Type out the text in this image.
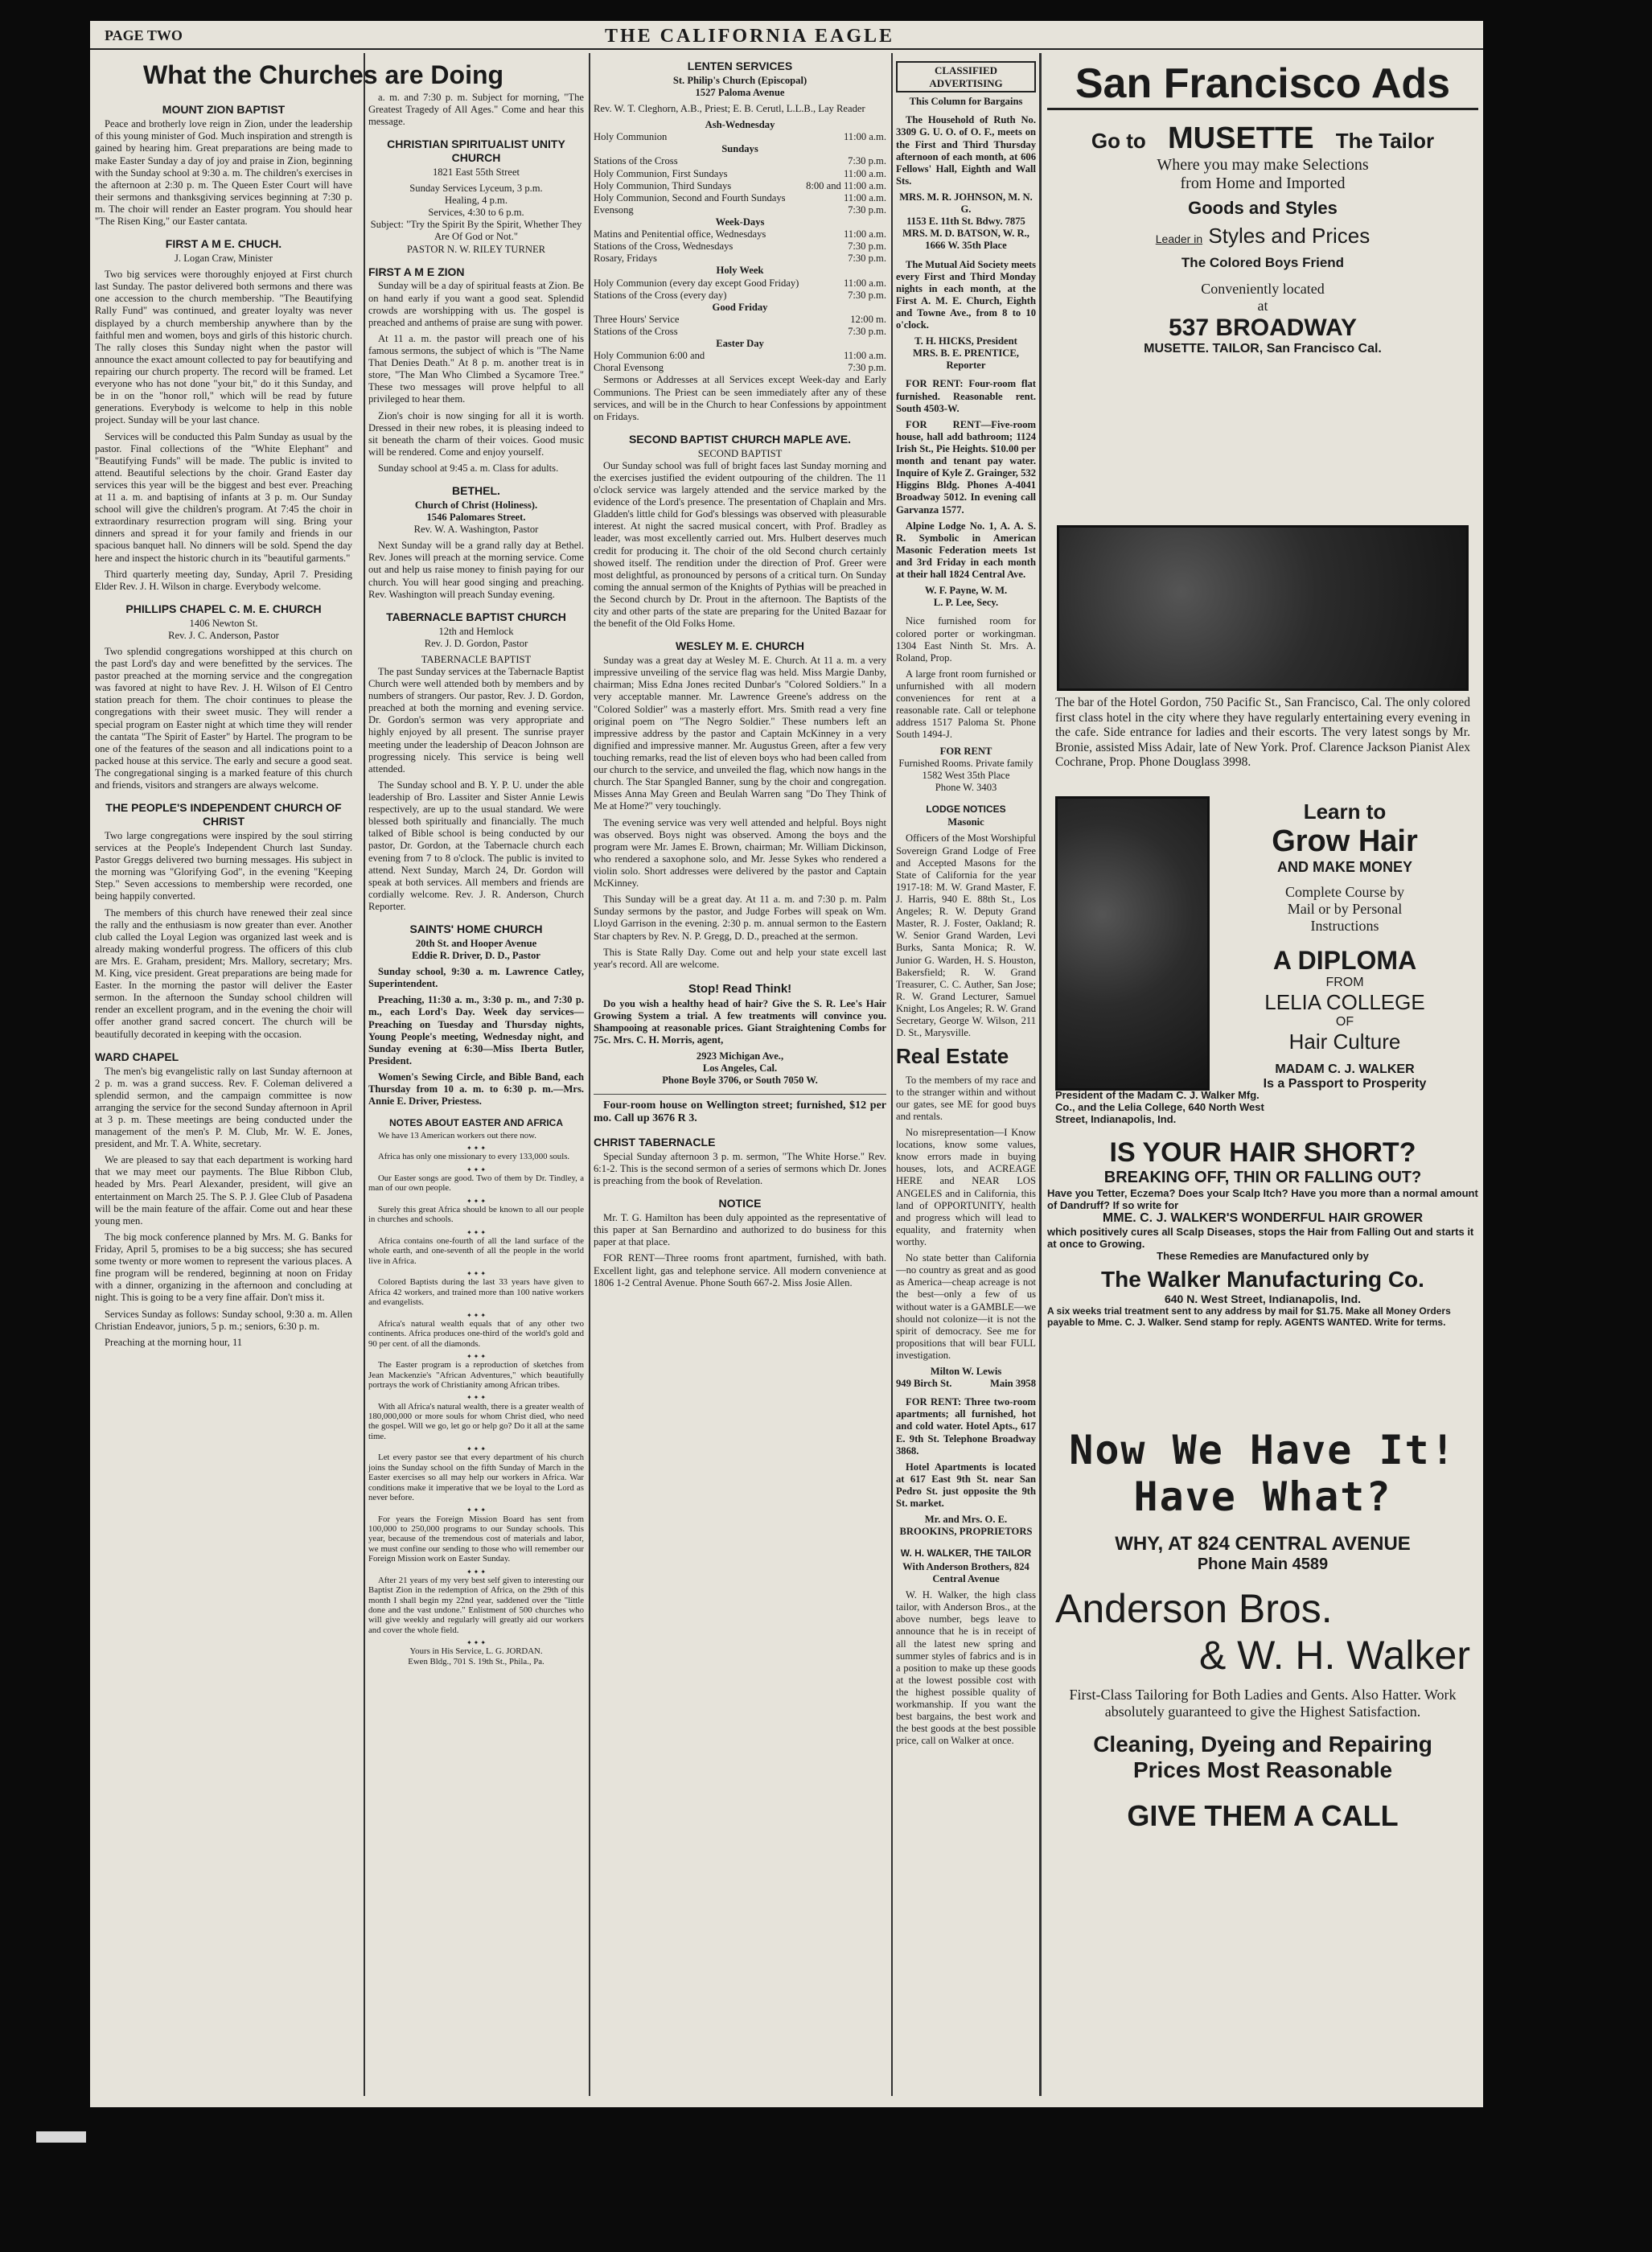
PAGE TWO	THE CALIFORNIA EAGLE
What the Churches are Doing
MOUNT ZION BAPTIST

Peace and brotherly love reign in Zion, under the leadership of this young minister of God. Much inspiration and strength is gained by hearing him. Great preparations are being made to make Easter Sunday a day of joy and praise in Zion, beginning with the Sunday school at 9:30 a. m. The children's exercises in the afternoon at 2:30 p. m. The Queen Ester Court will have their sermons and thanksgiving services beginning at 7:30 p. m. The choir will render an Easter program. You should hear "The Risen King," our Easter cantata.

FIRST A M E. CHUCH.
J. Logan Craw, Minister

Two big services were thoroughly enjoyed at First church last Sunday. The pastor delivered both sermons and there was one accession to the church membership. "The Beautifying Rally Fund" was continued, and greater loyalty was never displayed by a church membership anywhere than by the faithful men and women, boys and girls of this historic church. The rally closes this Sunday night when the pastor will announce the exact amount collected to pay for beautifying and repairing our church property. The record will be framed. Let everyone who has not done "your bit," do it this Sunday, and be in on the "honor roll," which will be read by future generations. Everybody is welcome to help in this noble project. Sunday will be your last chance.

Services will be conducted this Palm Sunday as usual by the pastor. Final collections of the "White Elephant" and "Beautifying Funds" will be made. The public is invited to attend. Beautiful selections by the choir. Grand Easter day services this year will be the biggest and best ever. Preaching at 11 a. m. and baptising of infants at 3 p. m. Our Sunday school will give the children's program. At 7:45 the choir in extraordinary resurrection program will sing. Bring your dinners and spread it for your family and friends in our spacious banquet hall. No dinners will be sold. Spend the day here and inspect the historic church in its "beautiful garments."

Third quarterly meeting day, Sunday, April 7. Presiding Elder Rev. J. H. Wilson in charge. Everybody welcome.

PHILLIPS CHAPEL C. M. E. CHURCH
1406 Newton St.
Rev. J. C. Anderson, Pastor

Two splendid congregations worshipped at this church on the past Lord's day and were benefitted by the services. The pastor preached at the morning service and the congregation was favored at night to have Rev. J. H. Wilson of El Centro station preach for them. The choir continues to please the congregations with their sweet music. They will render a special program on Easter night at which time they will render the cantata "The Spirit of Easter" by Hartel. The program to be one of the features of the season and all indications point to a packed house at this service. The early and secure a good seat. The congregational singing is a marked feature of this church and friends, visitors and strangers are always welcome.

THE PEOPLE'S INDEPENDENT CHURCH OF CHRIST

Two large congregations were inspired by the soul stirring services at the People's Independent Church last Sunday. Pastor Greggs delivered two burning messages. His subject in the morning was "Glorifying God", in the evening "Keeping Step." Seven accessions to membership were recorded, one being happily converted.

The members of this church have renewed their zeal since the rally and the enthusiasm is now greater than ever. Another club called the Loyal Legion was organized last week and is already making wonderful progress. The officers of this club are Mrs. E. Graham, president; Mrs. Mallory, secretary; Mrs. M. King, vice president. Great preparations are being made for Easter. In the morning the pastor will deliver the Easter sermon. In the afternoon the Sunday school children will render an excellent program, and in the evening the choir will offer another grand sacred concert. The church will be beautifully decorated in keeping with the occasion.

WARD CHAPEL

The men's big evangelistic rally on last Sunday afternoon at 2 p. m. was a grand success. Rev. F. Coleman delivered a splendid sermon, and the campaign committee is now arranging the service for the second Sunday afternoon in April at 3 p. m. These meetings are being conducted under the management of the men's P. M. Club, Mr. W. E. Jones, president, and Mr. T. A. White, secretary.

We are pleased to say that each department is working hard that we may meet our payments. The Blue Ribbon Club, headed by Mrs. Pearl Alexander, president, will give an entertainment on March 25. The S. P. J. Glee Club of Pasadena will be the main feature of the affair. Come out and hear these young men.

The big mock conference planned by Mrs. M. G. Banks for Friday, April 5, promises to be a big success; she has secured some twenty or more women to represent the various places. A fine program will be rendered, beginning at noon on Friday with a dinner, organizing in the afternoon and concluding at night. This is going to be a very fine affair. Don't miss it.

Services Sunday as follows: Sunday school, 9:30 a. m. Allen Christian Endeavor, juniors, 5 p. m.; seniors, 6:30 p. m.

Preaching at the morning hour, 11

a. m. and 7:30 p. m. Subject for morning, "The Greatest Tragedy of All Ages." Come and hear this message.

CHRISTIAN SPIRITUALIST UNITY CHURCH
1821 East 55th Street
Sunday Services Lyceum, 3 p.m.
Healing, 4 p.m.
Services, 4:30 to 6 p.m.
Subject: "Try the Spirit By the Spirit, Whether They Are Of God or Not."
PASTOR N. W. RILEY TURNER
FIRST A M E ZION

Sunday will be a day of spiritual feasts at Zion. Be on hand early if you want a good seat. Splendid crowds are worshipping with us. The gospel is preached and anthems of praise are sung with power.

At 11 a. m. the pastor will preach one of his famous sermons, the subject of which is "The Name That Denies Death." At 8 p. m. another treat is in store, "The Man Who Climbed a Sycamore Tree." These two messages will prove helpful to all privileged to hear them.

Zion's choir is now singing for all it is worth. Dressed in their new robes, it is pleasing indeed to sit beneath the charm of their voices. Good music will be rendered. Come and enjoy yourself.

Sunday school at 9:45 a. m. Class for adults.

BETHEL.
Church of Christ (Holiness).
1546 Palomares Street.
Rev. W. A. Washington, Pastor

Next Sunday will be a grand rally day at Bethel. Rev. Jones will preach at the morning service. Come out and help us raise money to finish paying for our church. You will hear good singing and preaching. Rev. Washington will preach Sunday evening.

TABERNACLE BAPTIST CHURCH
12th and Hemlock
Rev. J. D. Gordon, Pastor
TABERNACLE BAPTIST

The past Sunday services at the Tabernacle Baptist Church were well attended both by members and by numbers of strangers. Our pastor, Rev. J. D. Gordon, preached at both the morning and evening service. Dr. Gordon's sermon was very appropriate and highly enjoyed by all present. The sunrise prayer meeting under the leadership of Deacon Johnson are progressing nicely. This service is being well attended.

The Sunday school and B. Y. P. U. under the able leadership of Bro. Lassiter and Sister Annie Lewis respectively, are up to the usual standard. We were blessed both spiritually and financially. The much talked of Bible school is being conducted by our pastor, Dr. Gordon, at the Tabernacle church each evening from 7 to 8 o'clock. The public is invited to attend. Next Sunday, March 24, Dr. Gordon will speak at both services. All members and friends are cordially welcome. Rev. J. R. Anderson, Church Reporter.

SAINTS' HOME CHURCH
20th St. and Hooper Avenue
Eddie R. Driver, D. D., Pastor

Sunday school, 9:30 a. m. Lawrence Catley, Superintendent.

Preaching, 11:30 a. m., 3:30 p. m., and 7:30 p. m., each Lord's Day. Week day services—Preaching on Tuesday and Thursday nights, Young People's meeting, Wednesday night, and Sunday evening at 6:30—Miss Iberta Butler, President.

Women's Sewing Circle, and Bible Band, each Thursday from 10 a. m. to 6:30 p. m.—Mrs. Annie E. Driver, Priestess.

NOTES ABOUT EASTER AND AFRICA

We have 13 American workers out there now.

✦ ✦ ✦

Africa has only one missionary to every 133,000 souls.

✦ ✦ ✦

Our Easter songs are good. Two of them by Dr. Tindley, a man of our own people.

✦ ✦ ✦

Surely this great Africa should be known to all our people in churches and schools.

✦ ✦ ✦

Africa contains one-fourth of all the land surface of the whole earth, and one-seventh of all the people in the world live in Africa.

✦ ✦ ✦

Colored Baptists during the last 33 years have given to Africa 42 workers, and trained more than 100 native workers and evangelists.

✦ ✦ ✦

Africa's natural wealth equals that of any other two continents. Africa produces one-third of the world's gold and 90 per cent. of all the diamonds.

✦ ✦ ✦

The Easter program is a reproduction of sketches from Jean Mackenzie's "African Adventures," which beautifully portrays the work of Christianity among African tribes.

✦ ✦ ✦

With all Africa's natural wealth, there is a greater wealth of 180,000,000 or more souls for whom Christ died, who need the gospel. Will we go, let go or help go? Do it all at the same time.

✦ ✦ ✦

Let every pastor see that every department of his church joins the Sunday school on the fifth Sunday of March in the Easter exercises so all may help our workers in Africa. War conditions make it imperative that we be loyal to the Lord as never before.

✦ ✦ ✦

For years the Foreign Mission Board has sent from 100,000 to 250,000 programs to our Sunday schools. This year, because of the tremendous cost of materials and labor, we must confine our sending to those who will remember our Foreign Mission work on Easter Sunday.

✦ ✦ ✦

After 21 years of my very best self given to interesting our Baptist Zion in the redemption of Africa, on the 29th of this month I shall begin my 22nd year, saddened over the "little done and the vast undone." Enlistment of 500 churches who will give weekly and regularly will greatly aid our workers and cover the whole field.

✦ ✦ ✦
Yours in His Service, L. G. JORDAN.
Ewen Bldg., 701 S. 19th St., Phila., Pa.
LENTEN SERVICES
St. Philip's Church (Episcopal)
1527 Paloma Avenue

Rev. W. T. Cleghorn, A.B., Priest; E. B. Cerutl, L.L.B., Lay Reader

Ash-Wednesday
Holy Communion	11:00 a.m.
Sundays
Stations of the Cross	7:30 p.m.
Holy Communion, First Sundays	11:00 a.m.
Holy Communion, Third Sundays	8:00 and 11:00 a.m.
Holy Communion, Second and Fourth Sundays	11:00 a.m.
Evensong	7:30 p.m.
Week-Days
Matins and Penitential office, Wednesdays	11:00 a.m.
Stations of the Cross, Wednesdays	7:30 p.m.
Rosary, Fridays	7:30 p.m.
Holy Week
Holy Communion (every day except Good Friday)	11:00 a.m.
Stations of the Cross (every day)	7:30 p.m.
Good Friday
Three Hours' Service	12:00 m.
Stations of the Cross	7:30 p.m.
Easter Day
Holy Communion 6:00 and	11:00 a.m.
Choral Evensong	7:30 p.m.

Sermons or Addresses at all Services except Week-day and Early Communions. The Priest can be seen immediately after any of these services, and will be in the Church to hear Confessions by appointment on Fridays.

SECOND BAPTIST CHURCH MAPLE AVE.
SECOND BAPTIST

Our Sunday school was full of bright faces last Sunday morning and the exercises justified the evident outpouring of the children. The 11 o'clock service was largely attended and the service marked by the evidence of the Lord's presence. The presentation of Chaplain and Mrs. Gladden's little child for God's blessings was observed with pleasurable interest. At night the sacred musical concert, with Prof. Bradley as leader, was most excellently carried out. Mrs. Hulbert deserves much credit for producing it. The choir of the old Second church certainly showed itself. The rendition under the direction of Prof. Greer were most delightful, as pronounced by persons of a critical turn. On Sunday coming the annual sermon of the Knights of Pythias will be preached in the Second church by Dr. Prout in the afternoon. The Baptists of the city and other parts of the state are preparing for the United Bazaar for the benefit of the Old Folks Home.

WESLEY M. E. CHURCH

Sunday was a great day at Wesley M. E. Church. At 11 a. m. a very impressive unveiling of the service flag was held. Miss Margie Danby, chairman; Miss Edna Jones recited Dunbar's "Colored Soldiers." In a very acceptable manner. Mr. Lawrence Greene's address on the "Colored Soldier" was a masterly effort. Mrs. Smith read a very fine original poem on "The Negro Soldier." These numbers left an impressive address by the pastor and Captain McKinney in a very dignified and impressive manner. Mr. Augustus Green, after a few very touching remarks, read the list of eleven boys who had been called from our church to the service, and unveiled the flag, which now hangs in the church. The Star Spangled Banner, sung by the choir and congregation. Misses Anna May Green and Beulah Warren sang "Do They Think of Me at Home?" very touchingly.

The evening service was very well attended and helpful. Boys night was observed. Boys night was observed. Among the boys and the program were Mr. James E. Brown, chairman; Mr. William Dickinson, who rendered a saxophone solo, and Mr. Jesse Sykes who rendered a violin solo. Short addresses were delivered by the pastor and Captain McKinney.

This Sunday will be a great day. At 11 a. m. and 7:30 p. m. Palm Sunday sermons by the pastor, and Judge Forbes will speak on Wm. Lloyd Garrison in the evening. 2:30 p. m. annual sermon to the Eastern Star chapters by Rev. N. P. Gregg, D. D., preached at the sermon.

This is State Rally Day. Come out and help your state excell last year's record. All are welcome.

Stop! Read Think!

Do you wish a healthy head of hair? Give the S. R. Lee's Hair Growing System a trial. A few treatments will convince you. Shampooing at reasonable prices. Giant Straightening Combs for 75c. Mrs. C. H. Morris, agent,

2923 Michigan Ave.,
Los Angeles, Cal.
Phone Boyle 3706, or South 7050 W.

Four-room house on Wellington street; furnished, $12 per mo. Call up 3676 R 3.

CHRIST TABERNACLE

Special Sunday afternoon 3 p. m. sermon, "The White Horse." Rev. 6:1-2. This is the second sermon of a series of sermons which Dr. Jones is preaching from the book of Revelation.

NOTICE

Mr. T. G. Hamilton has been duly appointed as the representative of this paper at San Bernardino and authorized to do business for this paper at that place.

FOR RENT—Three rooms front apartment, furnished, with bath. Excellent light, gas and telephone service. All modern convenience at 1806 1-2 Central Avenue. Phone South 667-2. Miss Josie Allen.

CLASSIFIED ADVERTISING
This Column for Bargains

The Household of Ruth No. 3309 G. U. O. of O. F., meets on the First and Third Thursday afternoon of each month, at 606 Fellows' Hall, Eighth and Wall Sts.

MRS. M. R. JOHNSON, M. N. G.
1153 E. 11th St. Bdwy. 7875
MRS. M. D. BATSON, W. R.,
1666 W. 35th Place

The Mutual Aid Society meets every First and Third Monday nights in each month, at the First A. M. E. Church, Eighth and Towne Ave., from 8 to 10 o'clock.

T. H. HICKS, President
MRS. B. E. PRENTICE, Reporter

FOR RENT: Four-room flat furnished. Reasonable rent. South 4503-W.

FOR RENT—Five-room house, hall add bathroom; 1124 Irish St., Pie Heights. $10.00 per month and tenant pay water. Inquire of Kyle Z. Grainger, 532 Higgins Bldg. Phones A-4041 Broadway 5012. In evening call Garvanza 1577.

Alpine Lodge No. 1, A. A. S. R. Symbolic in American Masonic Federation meets 1st and 3rd Friday in each month at their hall 1824 Central Ave.

W. F. Payne, W. M.
L. P. Lee, Secy.

Nice furnished room for colored porter or workingman. 1304 East Ninth St. Mrs. A. Roland, Prop.

A large front room furnished or unfurnished with all modern conveniences for rent at a reasonable rate. Call or telephone address 1517 Paloma St. Phone South 1494-J.

FOR RENT
Furnished Rooms. Private family
1582 West 35th Place
Phone W. 3403
LODGE NOTICES
Masonic

Officers of the Most Worshipful Sovereign Grand Lodge of Free and Accepted Masons for the State of California for the year 1917-18: M. W. Grand Master, F. J. Harris, 940 E. 88th St., Los Angeles; R. W. Deputy Grand Master, R. J. Foster, Oakland; R. W. Senior Grand Warden, Levi Burks, Santa Monica; R. W. Junior G. Warden, H. S. Houston, Bakersfield; R. W. Grand Treasurer, C. C. Auther, San Jose; R. W. Grand Lecturer, Samuel Knight, Los Angeles; R. W. Grand Secretary, George W. Wilson, 211 D. St., Marysville.

Real Estate

To the members of my race and to the stranger within and without our gates, see ME for good buys and rentals.

No misrepresentation—I Know locations, know some values, know errors made in buying houses, lots, and ACREAGE HERE and NEAR LOS ANGELES and in California, this land of OPPORTUNITY, health and progress which will lead to equality, and fraternity when worthy.

No state better than California—no country as great and as good as America—cheap acreage is not the best—only a few of us without water is a GAMBLE—we should not colonize—it is not the spirit of democracy. See me for propositions that will bear FULL investigation.

Milton W. Lewis
949 Birch St.	Main 3958

FOR RENT: Three two-room apartments; all furnished, hot and cold water. Hotel Apts., 617 E. 9th St. Telephone Broadway 3868.

Hotel Apartments is located at 617 East 9th St. near San Pedro St. just opposite the 9th St. market.

Mr. and Mrs. O. E. BROOKINS, PROPRIETORS
W. H. WALKER, THE TAILOR
With Anderson Brothers, 824 Central Avenue

W. H. Walker, the high class tailor, with Anderson Bros., at the above number, begs leave to announce that he is in receipt of all the latest new spring and summer styles of fabrics and is in a position to make up these goods at the lowest possible cost with the highest possible quality of workmanship. If you want the best bargains, the best work and the best goods at the best possible price, call on Walker at once.

San Francisco Ads
Go to MUSETTE The Tailor
Where you may make Selections
from Home and Imported
Goods and Styles
Leader in Styles and Prices
The Colored Boys Friend
Conveniently located
at
537 BROADWAY
MUSETTE. TAILOR, San Francisco Cal.
The bar of the Hotel Gordon, 750 Pacific St., San Francisco, Cal. The only colored first class hotel in the city where they have regularly entertaining every evening in the cafe. Side entrance for ladies and their escorts. The very latest songs by Mr. Bronie, assisted Miss Adair, late of New York. Prof. Clarence Jackson Pianist Alex Cochrane, Prop. Phone Douglass 3998.
Learn to
Grow Hair
AND MAKE MONEY
Complete Course by
Mail or by Personal
Instructions
A DIPLOMA
FROM
LELIA COLLEGE
OF
Hair Culture
MADAM C. J. WALKER
Is a Passport to Prosperity
President of the Madam C. J. Walker Mfg. Co., and the Lelia College, 640 North West Street, Indianapolis, Ind.
IS YOUR HAIR SHORT?
BREAKING OFF, THIN OR FALLING OUT?
Have you Tetter, Eczema? Does your Scalp Itch? Have you more than a normal amount of Dandruff? If so write for
MME. C. J. WALKER'S WONDERFUL HAIR GROWER
which positively cures all Scalp Diseases, stops the Hair from Falling Out and starts it at once to Growing.
These Remedies are Manufactured only by
The Walker Manufacturing Co.
640 N. West Street, Indianapolis, Ind.
A six weeks trial treatment sent to any address by mail for $1.75. Make all Money Orders payable to Mme. C. J. Walker. Send stamp for reply. AGENTS WANTED. Write for terms.
Now We Have It!
Have What?
WHY, AT 824 CENTRAL AVENUE
Phone Main 4589
Anderson Bros.
& W. H. Walker
First-Class Tailoring for Both Ladies and Gents. Also Hatter. Work absolutely guaranteed to give the Highest Satisfaction.
Cleaning, Dyeing and Repairing
Prices Most Reasonable
GIVE THEM A CALL
